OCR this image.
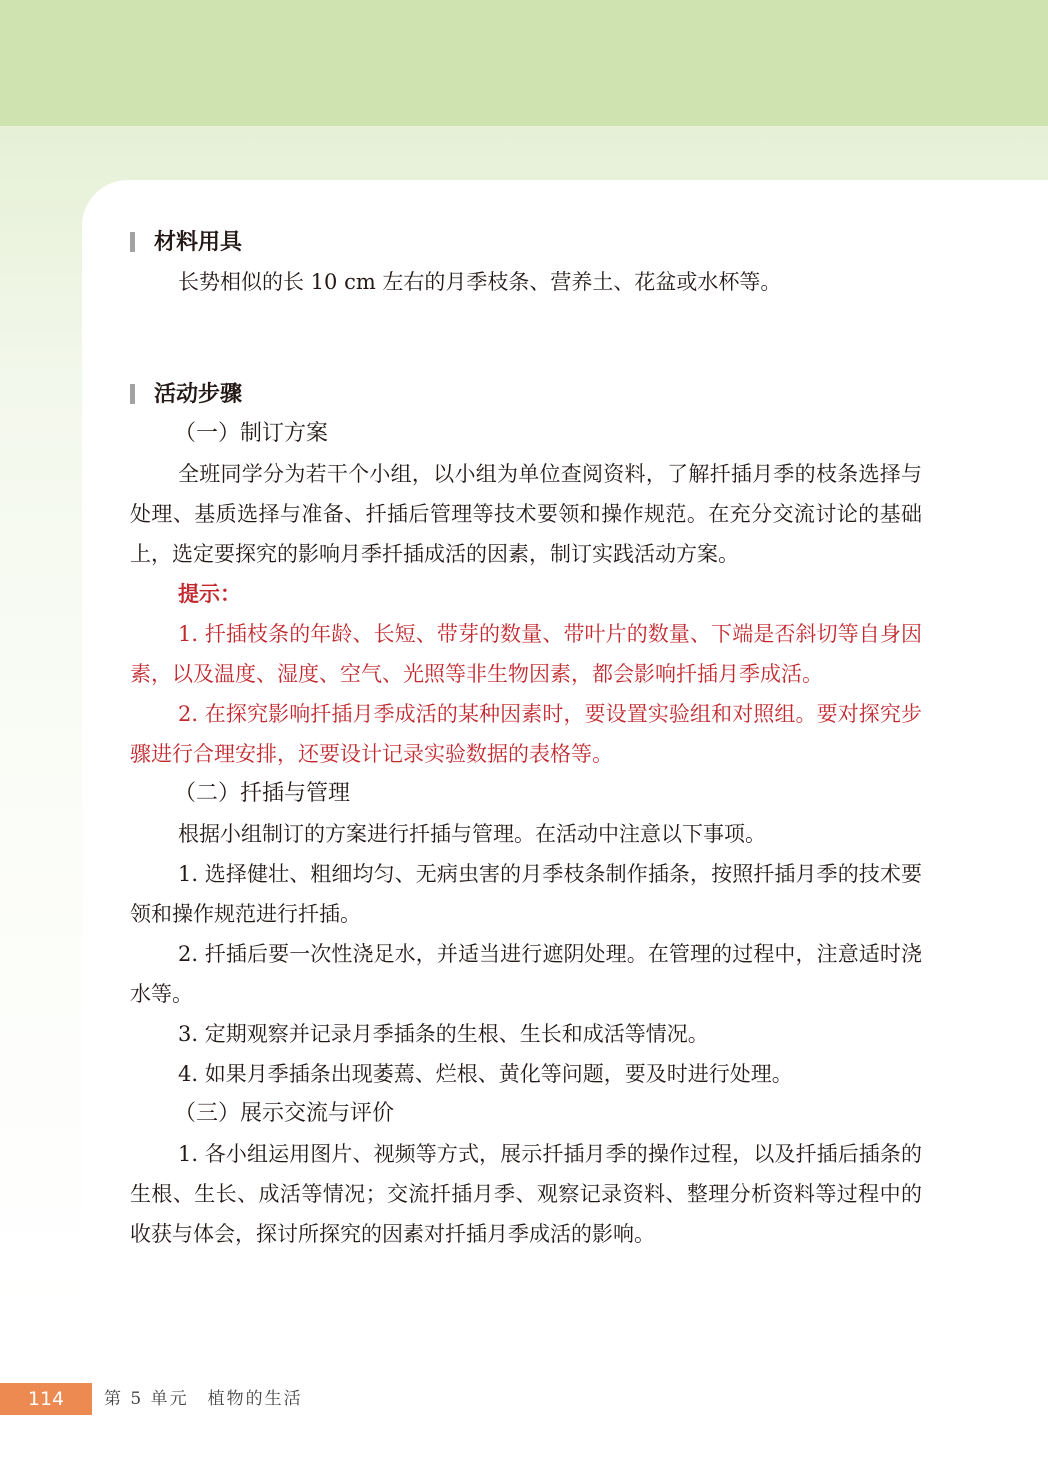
材料用具

长势相似的长 10 cm 左右的月季枝条、营养土、花盆或水杯等。

活动步骤
（一）制订方案

全班同学分为若干个小组，以小组为单位查阅资料，了解扦插月季的枝条选择与处理、基质选择与准备、扦插后管理等技术要领和操作规范。在充分交流讨论的基础上，选定要探究的影响月季扦插成活的因素，制订实践活动方案。

提示：

1. 扦插枝条的年龄、长短、带芽的数量、带叶片的数量、下端是否斜切等自身因素，以及温度、湿度、空气、光照等非生物因素，都会影响扦插月季成活。

2. 在探究影响扦插月季成活的某种因素时，要设置实验组和对照组。要对探究步骤进行合理安排，还要设计记录实验数据的表格等。

（二）扦插与管理

根据小组制订的方案进行扦插与管理。在活动中注意以下事项。

1. 选择健壮、粗细均匀、无病虫害的月季枝条制作插条，按照扦插月季的技术要领和操作规范进行扦插。

2. 扦插后要一次性浇足水，并适当进行遮阴处理。在管理的过程中，注意适时浇水等。

3. 定期观察并记录月季插条的生根、生长和成活等情况。

4. 如果月季插条出现萎蔫、烂根、黄化等问题，要及时进行处理。

（三）展示交流与评价

1. 各小组运用图片、视频等方式，展示扦插月季的操作过程，以及扦插后插条的生根、生长、成活等情况；交流扦插月季、观察记录资料、整理分析资料等过程中的收获与体会，探讨所探究的因素对扦插月季成活的影响。

114	第 5 单元　植物的生活
